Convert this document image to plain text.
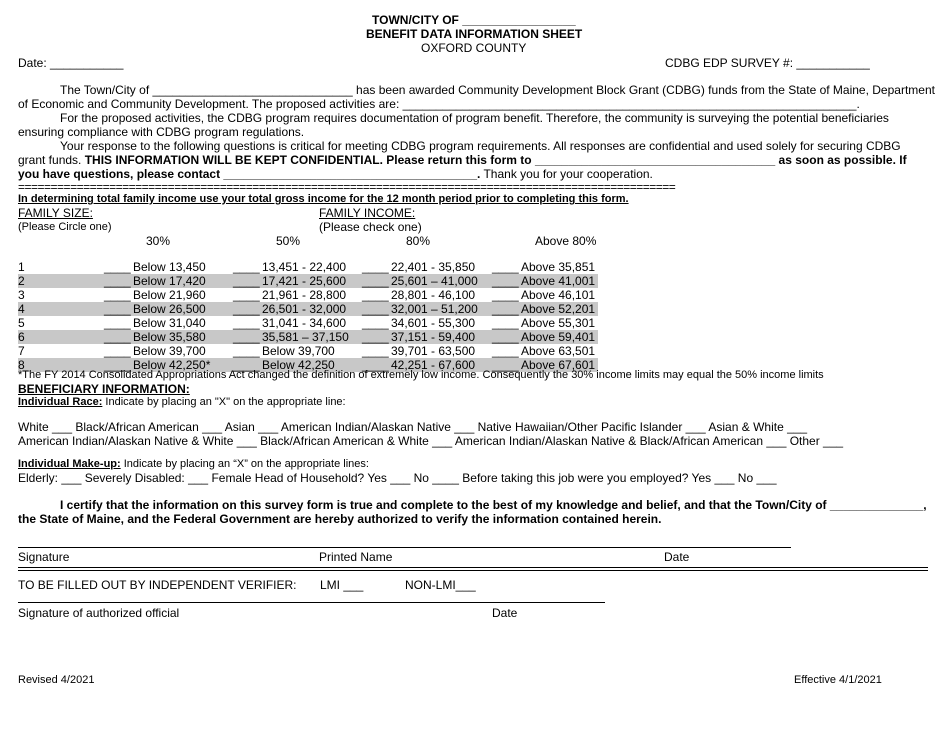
TOWN/CITY OF _________________
BENEFIT DATA INFORMATION SHEET
OXFORD COUNTY
Date: ___________	CDBG EDP SURVEY #: ___________
The Town/City of ______________________________ has been awarded Community Development Block Grant (CDBG) funds from the State of Maine, Department
of Economic and Community Development. The proposed activities are: ____________________________________________________________________.
For the proposed activities, the CDBG program requires documentation of program benefit. Therefore, the community is surveying the potential beneficiaries
ensuring compliance with CDBG program regulations.
Your response to the following questions is critical for meeting CDBG program requirements. All responses are confidential and used solely for securing CDBG
grant funds. THIS INFORMATION WILL BE KEPT CONFIDENTIAL. Please return this form to ____________________________________ as soon as possible. If
you have questions, please contact ______________________________________. Thank you for your cooperation.
=====================================================================================================
In determining total family income use your total gross income for the 12 month period prior to completing this form.
FAMILY SIZE:
(Please Circle one)
FAMILY INCOME:
(Please check one)
30%	50%	80%	Above 80%
1	____ Below 13,450 ____ 13,451 - 22,400 ____ 22,401 - 35,850 ____ Above 35,851
2	____ Below 17,420 ____ 17,421 - 25,600 ____ 25,601 – 41,000 ____ Above 41,001
3	____ Below 21,960 ____ 21,961 - 28,800 ____ 28,801 - 46,100 ____ Above 46,101
4	____ Below 26,500 ____ 26,501 - 32,000 ____ 32,001 – 51,200 ____ Above 52,201
5	____ Below 31,040 ____ 31,041 - 34,600 ____ 34,601 - 55,300 ____ Above 55,301
6	____ Below 35,580 ____ 35,581 – 37,150 ____ 37,151 - 59,400 ____ Above 59,401
7	____ Below 39,700 ____ Below 39,700 ____ 39,701 - 63,500 ____ Above 63,501
8	____ Below 42,250* ____ Below 42,250 ____ 42,251 - 67,600 ____ Above 67,601
*The FY 2014 Consolidated Appropriations Act changed the definition of extremely low income. Consequently the 30% income limits may equal the 50% income limits
BENEFICIARY INFORMATION:
Individual Race: Indicate by placing an "X" on the appropriate line:
White ___ Black/African American ___ Asian ___ American Indian/Alaskan Native ___ Native Hawaiian/Other Pacific Islander ___ Asian & White ___
American Indian/Alaskan Native & White ___ Black/African American & White ___ American Indian/Alaskan Native & Black/African American ___ Other ___
Individual Make-up: Indicate by placing an “X” on the appropriate lines:
Elderly: ___ Severely Disabled: ___ Female Head of Household? Yes ___ No ____ Before taking this job were you employed? Yes ___ No ___
I certify that the information on this survey form is true and complete to the best of my knowledge and belief, and that the Town/City of ______________,
the State of Maine, and the Federal Government are hereby authorized to verify the information contained herein.
Signature	Printed Name	Date
TO BE FILLED OUT BY INDEPENDENT VERIFIER: LMI ___	NON-LMI___
Signature of authorized official	Date
Revised 4/2021	Effective 4/1/2021
